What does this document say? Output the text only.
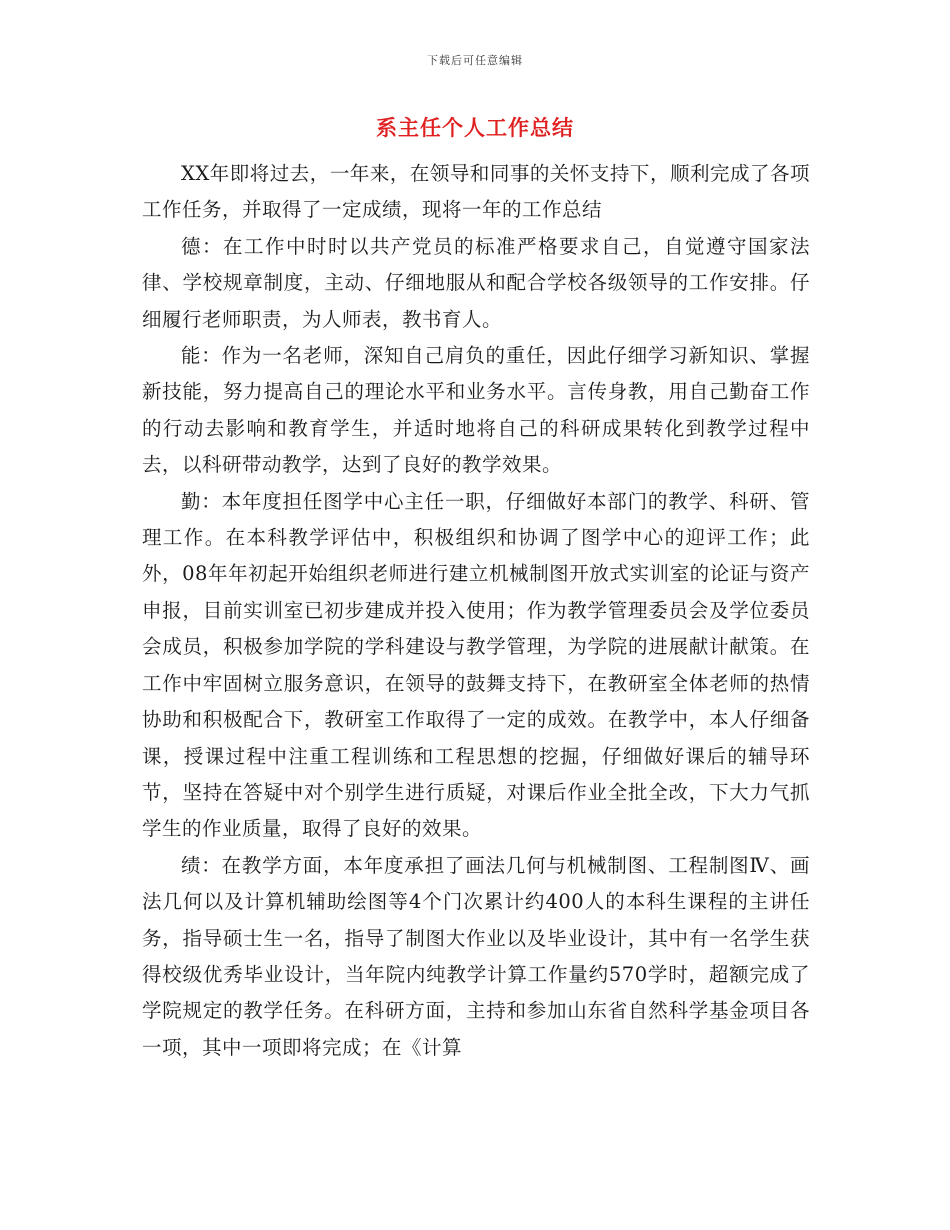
下载后可任意编辑
系主任个人工作总结

XX年即将过去，一年来，在领导和同事的关怀支持下，顺利完成了各项工作任务，并取得了一定成绩，现将一年的工作总结

德：在工作中时时以共产党员的标准严格要求自己，自觉遵守国家法律、学校规章制度，主动、仔细地服从和配合学校各级领导的工作安排。仔细履行老师职责，为人师表，教书育人。

能：作为一名老师，深知自己肩负的重任，因此仔细学习新知识、掌握新技能，努力提高自己的理论水平和业务水平。言传身教，用自己勤奋工作的行动去影响和教育学生，并适时地将自己的科研成果转化到教学过程中去，以科研带动教学，达到了良好的教学效果。

勤：本年度担任图学中心主任一职，仔细做好本部门的教学、科研、管理工作。在本科教学评估中，积极组织和协调了图学中心的迎评工作；此外，08年年初起开始组织老师进行建立机械制图开放式实训室的论证与资产申报，目前实训室已初步建成并投入使用；作为教学管理委员会及学位委员会成员，积极参加学院的学科建设与教学管理，为学院的进展献计献策。在工作中牢固树立服务意识，在领导的鼓舞支持下，在教研室全体老师的热情协助和积极配合下，教研室工作取得了一定的成效。在教学中，本人仔细备课，授课过程中注重工程训练和工程思想的挖掘，仔细做好课后的辅导环节，坚持在答疑中对个别学生进行质疑，对课后作业全批全改，下大力气抓学生的作业质量，取得了良好的效果。

绩：在教学方面，本年度承担了画法几何与机械制图、工程制图Ⅳ、画法几何以及计算机辅助绘图等4个门次累计约400人的本科生课程的主讲任务，指导硕士生一名，指导了制图大作业以及毕业设计，其中有一名学生获得校级优秀毕业设计，当年院内纯教学计算工作量约570学时，超额完成了学院规定的教学任务。在科研方面，主持和参加山东省自然科学基金项目各一项，其中一项即将完成；在《计算
